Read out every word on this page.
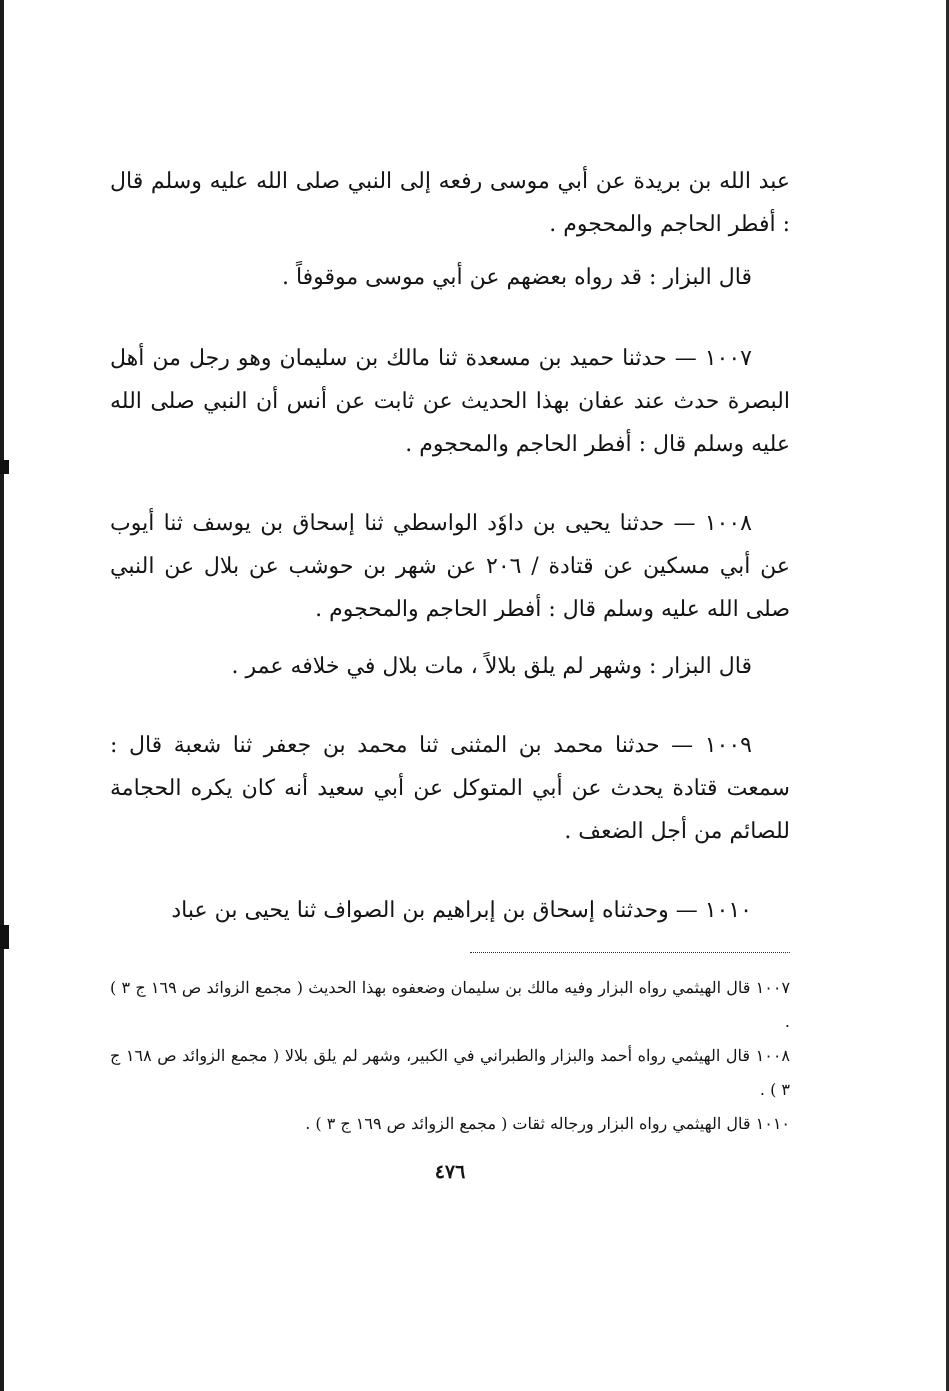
عبد الله بن بريدة عن أبي موسى رفعه إلى النبي صلى الله عليه وسلم قال : أفطر الحاجم والمحجوم .

قال البزار : قد رواه بعضهم عن أبي موسى موقوفاً .

١٠٠٧ — حدثنا حميد بن مسعدة ثنا مالك بن سليمان وهو رجل من أهل البصرة حدث عند عفان بهذا الحديث عن ثابت عن أنس أن النبي صلى الله عليه وسلم قال : أفطر الحاجم والمحجوم .

١٠٠٨ — حدثنا يحيى بن داوٗد الواسطي ثنا إسحاق بن يوسف ثنا أيوب عن أبي مسكين عن قتادة / ٢٠٦ عن شهر بن حوشب عن بلال عن النبي صلى الله عليه وسلم قال : أفطر الحاجم والمحجوم .

قال البزار : وشهر لم يلق بلالاً ، مات بلال في خلافه عمر .

١٠٠٩ — حدثنا محمد بن المثنى ثنا محمد بن جعفر ثنا شعبة قال : سمعت قتادة يحدث عن أبي المتوكل عن أبي سعيد أنه كان يكره الحجامة للصائم من أجل الضعف .

١٠١٠ — وحدثناه إسحاق بن إبراهيم بن الصواف ثنا يحيى بن عباد

١٠٠٧ قال الهيثمي رواه البزار وفيه مالك بن سليمان وضعفوه بهذا الحديث ( مجمع الزوائد ص ١٦٩ ج ٣ ) .

١٠٠٨ قال الهيثمي رواه أحمد والبزار والطبراني في الكبير، وشهر لم يلق بلالا ( مجمع الزوائد ص ١٦٨ ج ٣ ) .

١٠١٠ قال الهيثمي رواه البزار ورجاله ثقات ( مجمع الزوائد ص ١٦٩ ج ٣ ) .

٤٧٦
